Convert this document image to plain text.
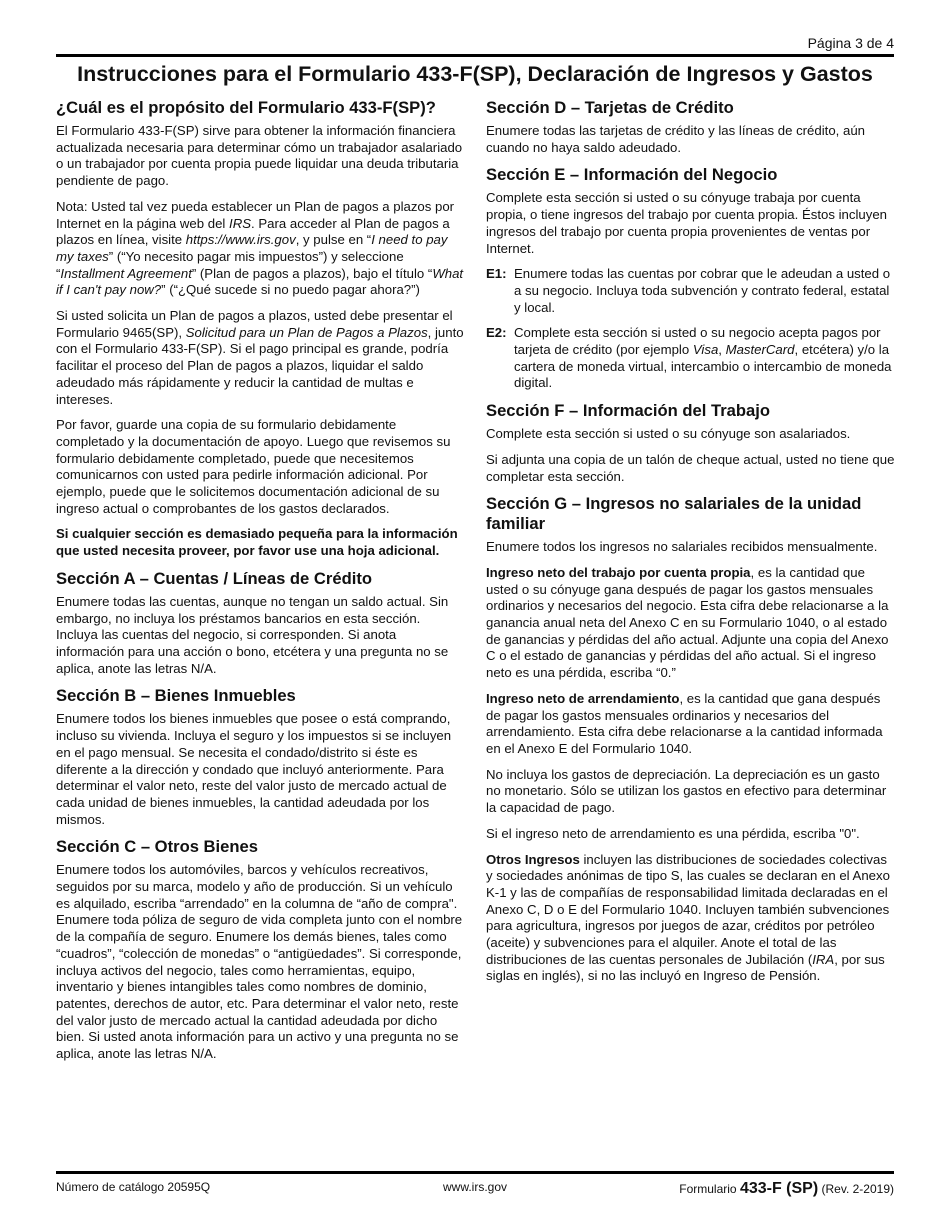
Página 3 de 4
Instrucciones para el Formulario 433-F(SP), Declaración de Ingresos y Gastos
¿Cuál es el propósito del Formulario 433-F(SP)?

El Formulario 433-F(SP) sirve para obtener la información financiera actualizada necesaria para determinar cómo un trabajador asalariado o un trabajador por cuenta propia puede liquidar una deuda tributaria pendiente de pago.

Nota: Usted tal vez pueda establecer un Plan de pagos a plazos por Internet en la página web del IRS. Para acceder al Plan de pagos a plazos en línea, visite https://www.irs.gov, y pulse en “I need to pay my taxes” (“Yo necesito pagar mis impuestos”) y seleccione “Installment Agreement” (Plan de pagos a plazos), bajo el título “What if I can't pay now?” (“¿Qué sucede si no puedo pagar ahora?”)

Si usted solicita un Plan de pagos a plazos, usted debe presentar el Formulario 9465(SP), Solicitud para un Plan de Pagos a Plazos, junto con el Formulario 433-F(SP). Si el pago principal es grande, podría facilitar el proceso del Plan de pagos a plazos, liquidar el saldo adeudado más rápidamente y reducir la cantidad de multas e intereses.

Por favor, guarde una copia de su formulario debidamente completado y la documentación de apoyo. Luego que revisemos su formulario debidamente completado, puede que necesitemos comunicarnos con usted para pedirle información adicional. Por ejemplo, puede que le solicitemos documentación adicional de su ingreso actual o comprobantes de los gastos declarados.

Si cualquier sección es demasiado pequeña para la información que usted necesita proveer, por favor use una hoja adicional.

Sección A – Cuentas / Líneas de Crédito

Enumere todas las cuentas, aunque no tengan un saldo actual. Sin embargo, no incluya los préstamos bancarios en esta sección. Incluya las cuentas del negocio, si corresponden. Si anota información para una acción o bono, etcétera y una pregunta no se aplica, anote las letras N/A.

Sección B – Bienes Inmuebles

Enumere todos los bienes inmuebles que posee o está comprando, incluso su vivienda. Incluya el seguro y los impuestos si se incluyen en el pago mensual. Se necesita el condado/distrito si éste es diferente a la dirección y condado que incluyó anteriormente. Para determinar el valor neto, reste del valor justo de mercado actual de cada unidad de bienes inmuebles, la cantidad adeudada por los mismos.

Sección C – Otros Bienes

Enumere todos los automóviles, barcos y vehículos recreativos, seguidos por su marca, modelo y año de producción. Si un vehículo es alquilado, escriba “arrendado” en la columna de “año de compra". Enumere toda póliza de seguro de vida completa junto con el nombre de la compañía de seguro. Enumere los demás bienes, tales como “cuadros”, “colección de monedas” o “antigüedades”. Si corresponde, incluya activos del negocio, tales como herramientas, equipo, inventario y bienes intangibles tales como nombres de dominio, patentes, derechos de autor, etc. Para determinar el valor neto, reste del valor justo de mercado actual la cantidad adeudada por dicho bien. Si usted anota información para un activo y una pregunta no se aplica, anote las letras N/A.

Sección D – Tarjetas de Crédito

Enumere todas las tarjetas de crédito y las líneas de crédito, aún cuando no haya saldo adeudado.

Sección E – Información del Negocio

Complete esta sección si usted o su cónyuge trabaja por cuenta propia, o tiene ingresos del trabajo por cuenta propia. Éstos incluyen ingresos del trabajo por cuenta propia provenientes de ventas por Internet.

E1: Enumere todas las cuentas por cobrar que le adeudan a usted o a su negocio. Incluya toda subvención y contrato federal, estatal y local.
E2: Complete esta sección si usted o su negocio acepta pagos por tarjeta de crédito (por ejemplo Visa, MasterCard, etcétera) y/o la cartera de moneda virtual, intercambio o intercambio de moneda digital.
Sección F – Información del Trabajo

Complete esta sección si usted o su cónyuge son asalariados.

Si adjunta una copia de un talón de cheque actual, usted no tiene que completar esta sección.

Sección G – Ingresos no salariales de la unidad familiar

Enumere todos los ingresos no salariales recibidos mensualmente.

Ingreso neto del trabajo por cuenta propia, es la cantidad que usted o su cónyuge gana después de pagar los gastos mensuales ordinarios y necesarios del negocio. Esta cifra debe relacionarse a la ganancia anual neta del Anexo C en su Formulario 1040, o al estado de ganancias y pérdidas del año actual. Adjunte una copia del Anexo C o el estado de ganancias y pérdidas del año actual. Si el ingreso neto es una pérdida, escriba “0.”

Ingreso neto de arrendamiento, es la cantidad que gana después de pagar los gastos mensuales ordinarios y necesarios del arrendamiento. Esta cifra debe relacionarse a la cantidad informada en el Anexo E del Formulario 1040.

No incluya los gastos de depreciación. La depreciación es un gasto no monetario. Sólo se utilizan los gastos en efectivo para determinar la capacidad de pago.

Si el ingreso neto de arrendamiento es una pérdida, escriba "0".

Otros Ingresos incluyen las distribuciones de sociedades colectivas y sociedades anónimas de tipo S, las cuales se declaran en el Anexo K-1 y las de compañías de responsabilidad limitada declaradas en el Anexo C, D o E del Formulario 1040. Incluyen también subvenciones para agricultura, ingresos por juegos de azar, créditos por petróleo (aceite) y subvenciones para el alquiler. Anote el total de las distribuciones de las cuentas personales de Jubilación (IRA, por sus siglas en inglés), si no las incluyó en Ingreso de Pensión.

Número de catálogo 20595Q	www.irs.gov	Formulario 433-F (SP) (Rev. 2-2019)
